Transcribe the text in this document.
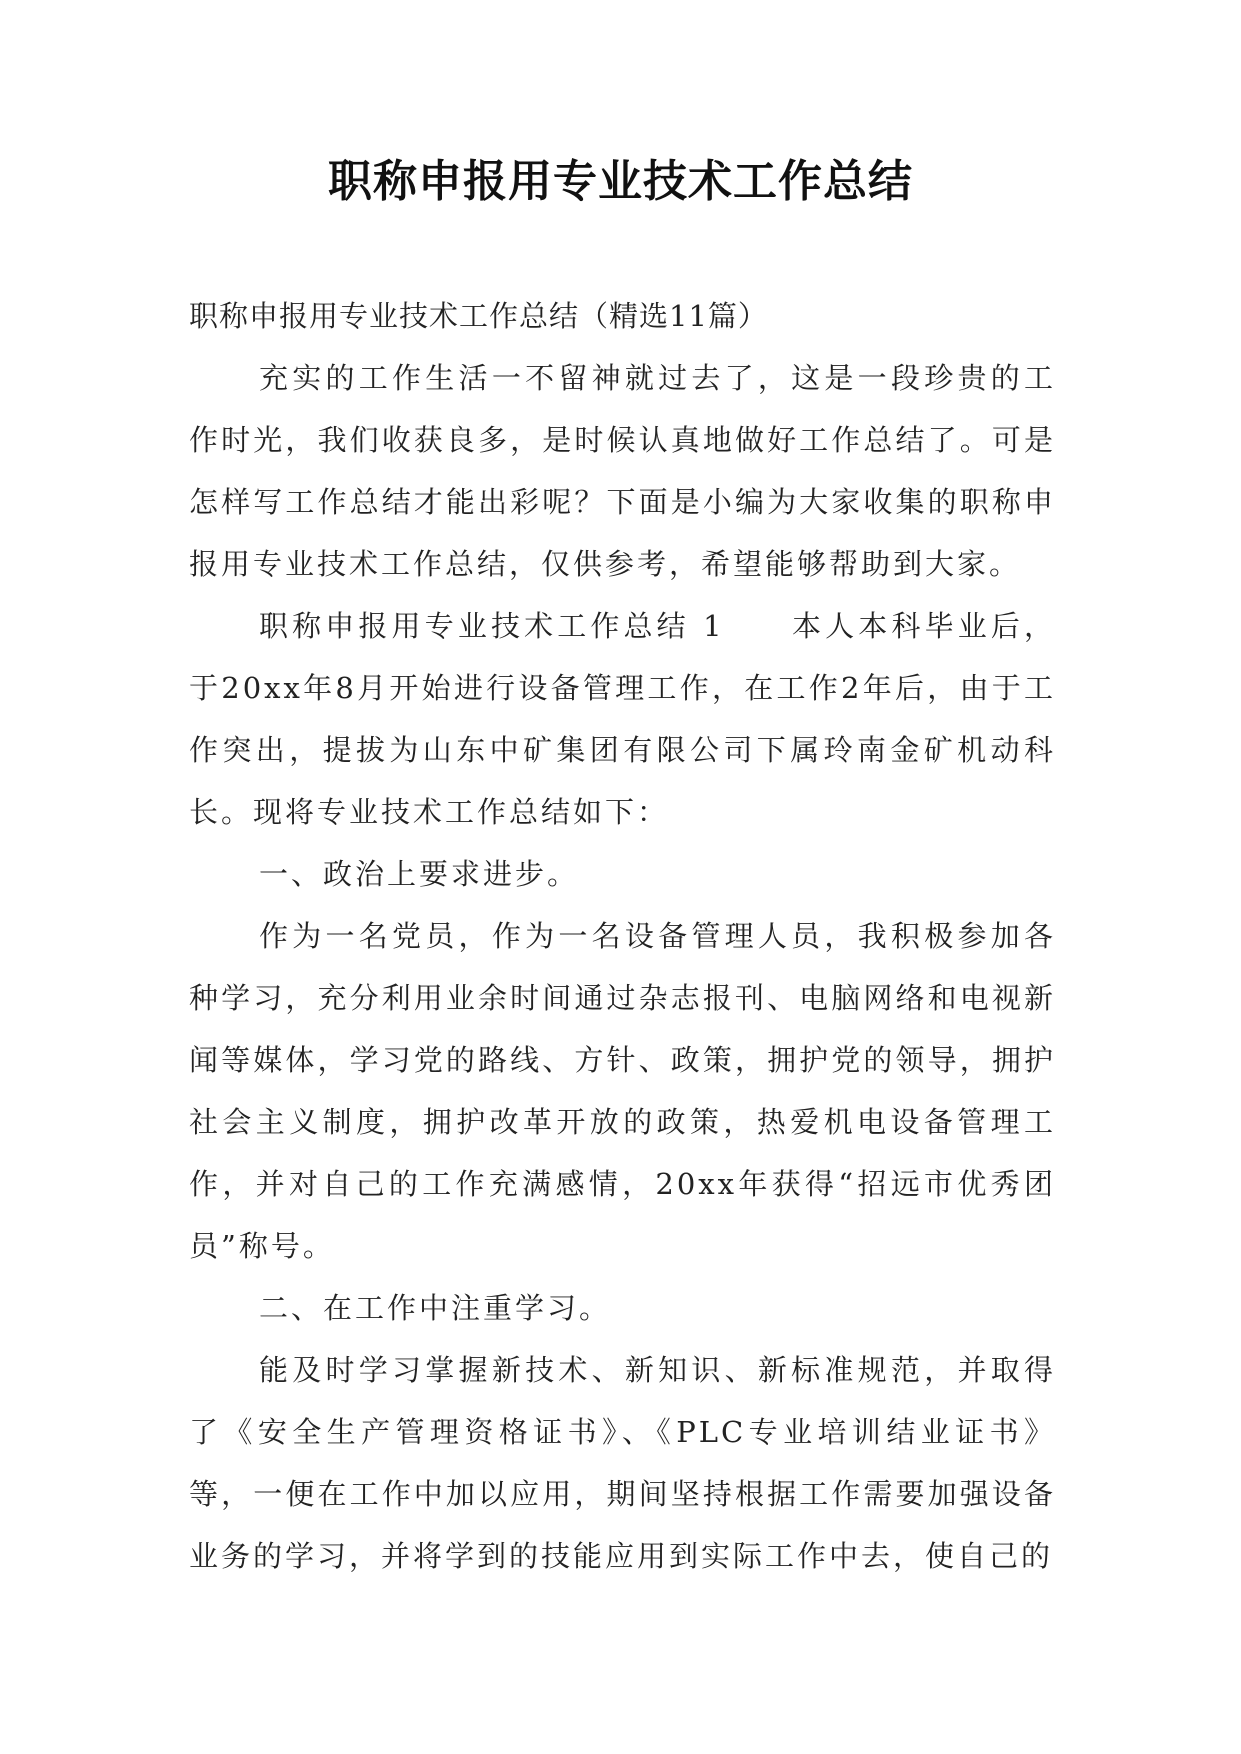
职称申报用专业技术工作总结

职称申报用专业技术工作总结（精选11篇）

充实的工作生活一不留神就过去了，这是一段珍贵的工作时光，我们收获良多，是时候认真地做好工作总结了。可是怎样写工作总结才能出彩呢？下面是小编为大家收集的职称申报用专业技术工作总结，仅供参考，希望能够帮助到大家。

职称申报用专业技术工作总结 1　　本人本科毕业后，于20xx年8月开始进行设备管理工作，在工作2年后，由于工作突出，提拔为山东中矿集团有限公司下属玲南金矿机动科长。现将专业技术工作总结如下：

一、政治上要求进步。

作为一名党员，作为一名设备管理人员，我积极参加各种学习，充分利用业余时间通过杂志报刊、电脑网络和电视新闻等媒体，学习党的路线、方针、政策，拥护党的领导，拥护社会主义制度，拥护改革开放的政策，热爱机电设备管理工作，并对自己的工作充满感情，20xx年获得“招远市优秀团员”称号。

二、在工作中注重学习。

能及时学习掌握新技术、新知识、新标准规范，并取得了《安全生产管理资格证书》、《PLC专业培训结业证书》等，一便在工作中加以应用，期间坚持根据工作需要加强设备业务的学习，并将学到的技能应用到实际工作中去，使自己的
